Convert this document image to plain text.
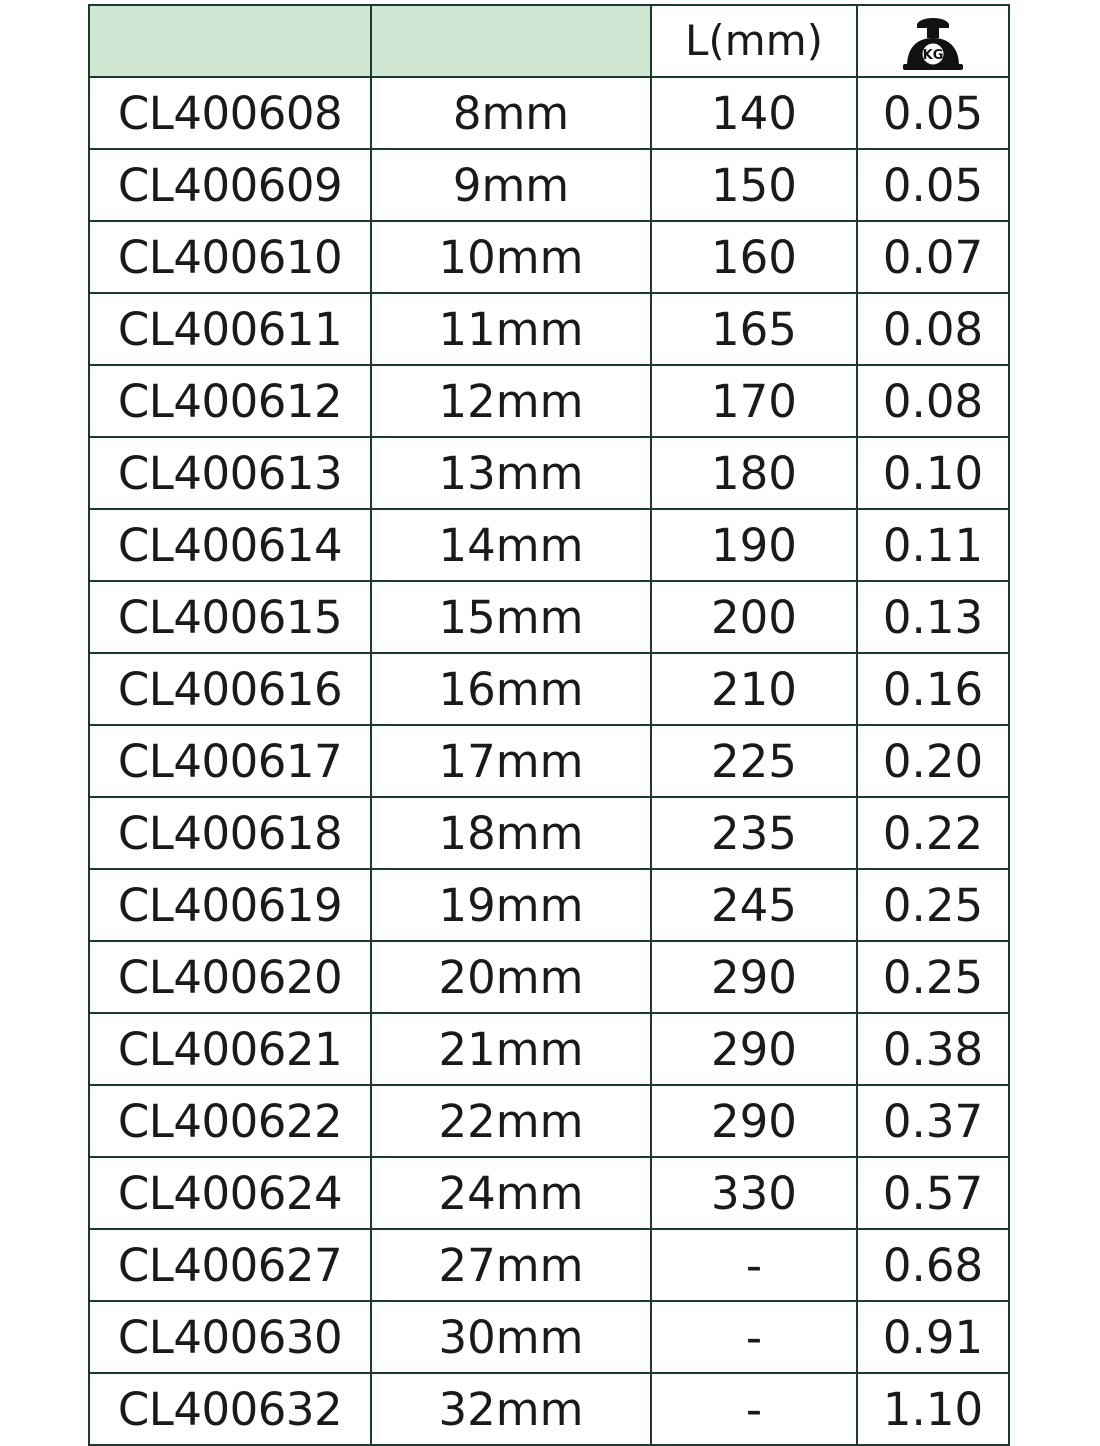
		L(mm)	KG

CL400608	8mm	140	0.05
CL400609	9mm	150	0.05
CL400610	10mm	160	0.07
CL400611	11mm	165	0.08
CL400612	12mm	170	0.08
CL400613	13mm	180	0.10
CL400614	14mm	190	0.11
CL400615	15mm	200	0.13
CL400616	16mm	210	0.16
CL400617	17mm	225	0.20
CL400618	18mm	235	0.22
CL400619	19mm	245	0.25
CL400620	20mm	290	0.25
CL400621	21mm	290	0.38
CL400622	22mm	290	0.37
CL400624	24mm	330	0.57
CL400627	27mm	-	0.68
CL400630	30mm	-	0.91
CL400632	32mm	-	1.10
